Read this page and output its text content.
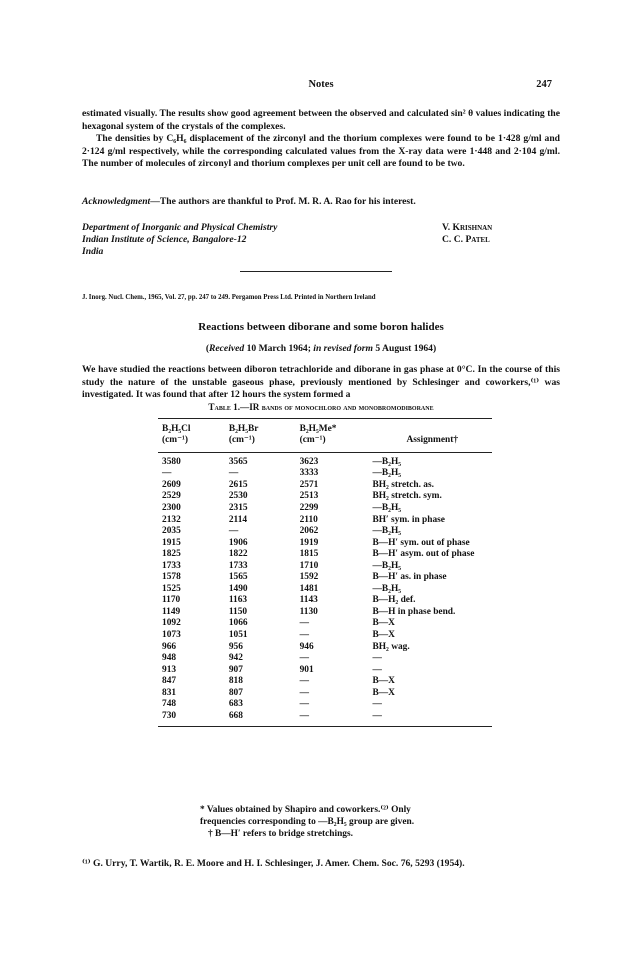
Notes	247
estimated visually. The results show good agreement between the observed and calculated sin² θ values indicating the hexagonal system of the crystals of the complexes.
The densities by C₆H₆ displacement of the zirconyl and the thorium complexes were found to be 1·428 g/ml and 2·124 g/ml respectively, while the corresponding calculated values from the X-ray data were 1·448 and 2·104 g/ml. The number of molecules of zirconyl and thorium complexes per unit cell are found to be two.
Acknowledgment—The authors are thankful to Prof. M. R. A. Rao for his interest.
Department of Inorganic and Physical Chemistry
Indian Institute of Science, Bangalore-12
India
V. Krishnan
C. C. Patel
J. Inorg. Nucl. Chem., 1965, Vol. 27, pp. 247 to 249. Pergamon Press Ltd. Printed in Northern Ireland
Reactions between diborane and some boron halides
(Received 10 March 1964; in revised form 5 August 1964)
We have studied the reactions between diboron tetrachloride and diborane in gas phase at 0°C. In the course of this study the nature of the unstable gaseous phase, previously mentioned by Schlesinger and coworkers,⁽¹⁾ was investigated. It was found that after 12 hours the system formed a
Table 1.—IR bands of monochloro and monobromodiborane
B₂H₅Cl	B₂H₅Br	B₂H₅Me*	
(cm⁻¹)	(cm⁻¹)	(cm⁻¹)	Assignment†
3580	3565	3623	—B₂H₅
—	—	3333	—B₂H₅
2609	2615	2571	BH₂ stretch. as.
2529	2530	2513	BH₂ stretch. sym.
2300	2315	2299	—B₂H₅
2132	2114	2110	BH′ sym. in phase
2035	—	2062	—B₂H₅
1915	1906	1919	B—H′ sym. out of phase
1825	1822	1815	B—H′ asym. out of phase
1733	1733	1710	—B₂H₅
1578	1565	1592	B—H′ as. in phase
1525	1490	1481	—B₂H₅
1170	1163	1143	B—H₂ def.
1149	1150	1130	B—H in phase bend.
1092	1066	—	B—X
1073	1051	—	B—X
966	956	946	BH₂ wag.
948	942	—	—
913	907	901	—
847	818	—	B—X
831	807	—	B—X
748	683	—	—
730	668	—	—
* Values obtained by Shapiro and coworkers.⁽²⁾ Only
frequencies corresponding to —B₂H₅ group are given.
† B—H′ refers to bridge stretchings.
⁽¹⁾ G. Urry, T. Wartik, R. E. Moore and H. I. Schlesinger, J. Amer. Chem. Soc. 76, 5293 (1954).
